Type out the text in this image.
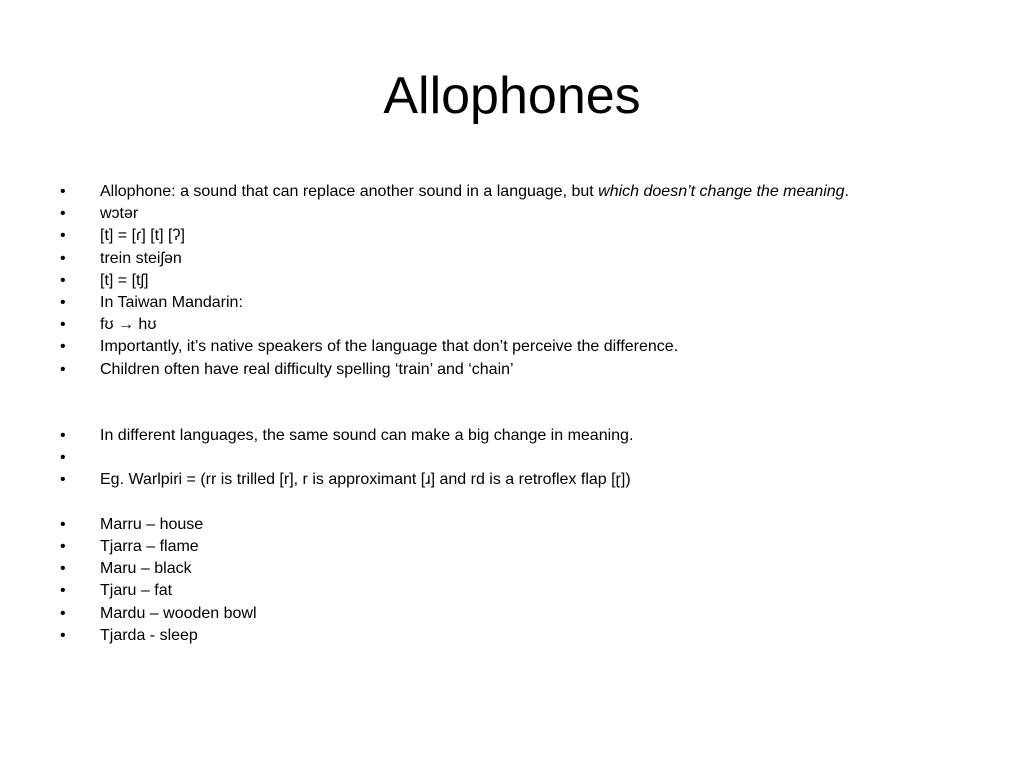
Allophones
•	Allophone: a sound that can replace another sound in a language, but which doesn’t change the meaning.
•	wɔtər
•	[t] = [ɾ] [t] [ʔ]
•	trein steiʃən
•	[t] = [tʃ]
•	In Taiwan Mandarin:
•	fʊ → hʊ
•	Importantly, it’s native speakers of the language that don’t perceive the difference.
•	Children often have real difficulty spelling ‘train’ and ‘chain’
•	In different languages, the same sound can make a big change in meaning.
•
•	Eg. Warlpiri = (rr is trilled [r], r is approximant [ɹ] and rd is a retroflex flap [ɽ])
•	Marru – house
•	Tjarra – flame
•	Maru – black
•	Tjaru – fat
•	Mardu – wooden bowl
•	Tjarda - sleep
